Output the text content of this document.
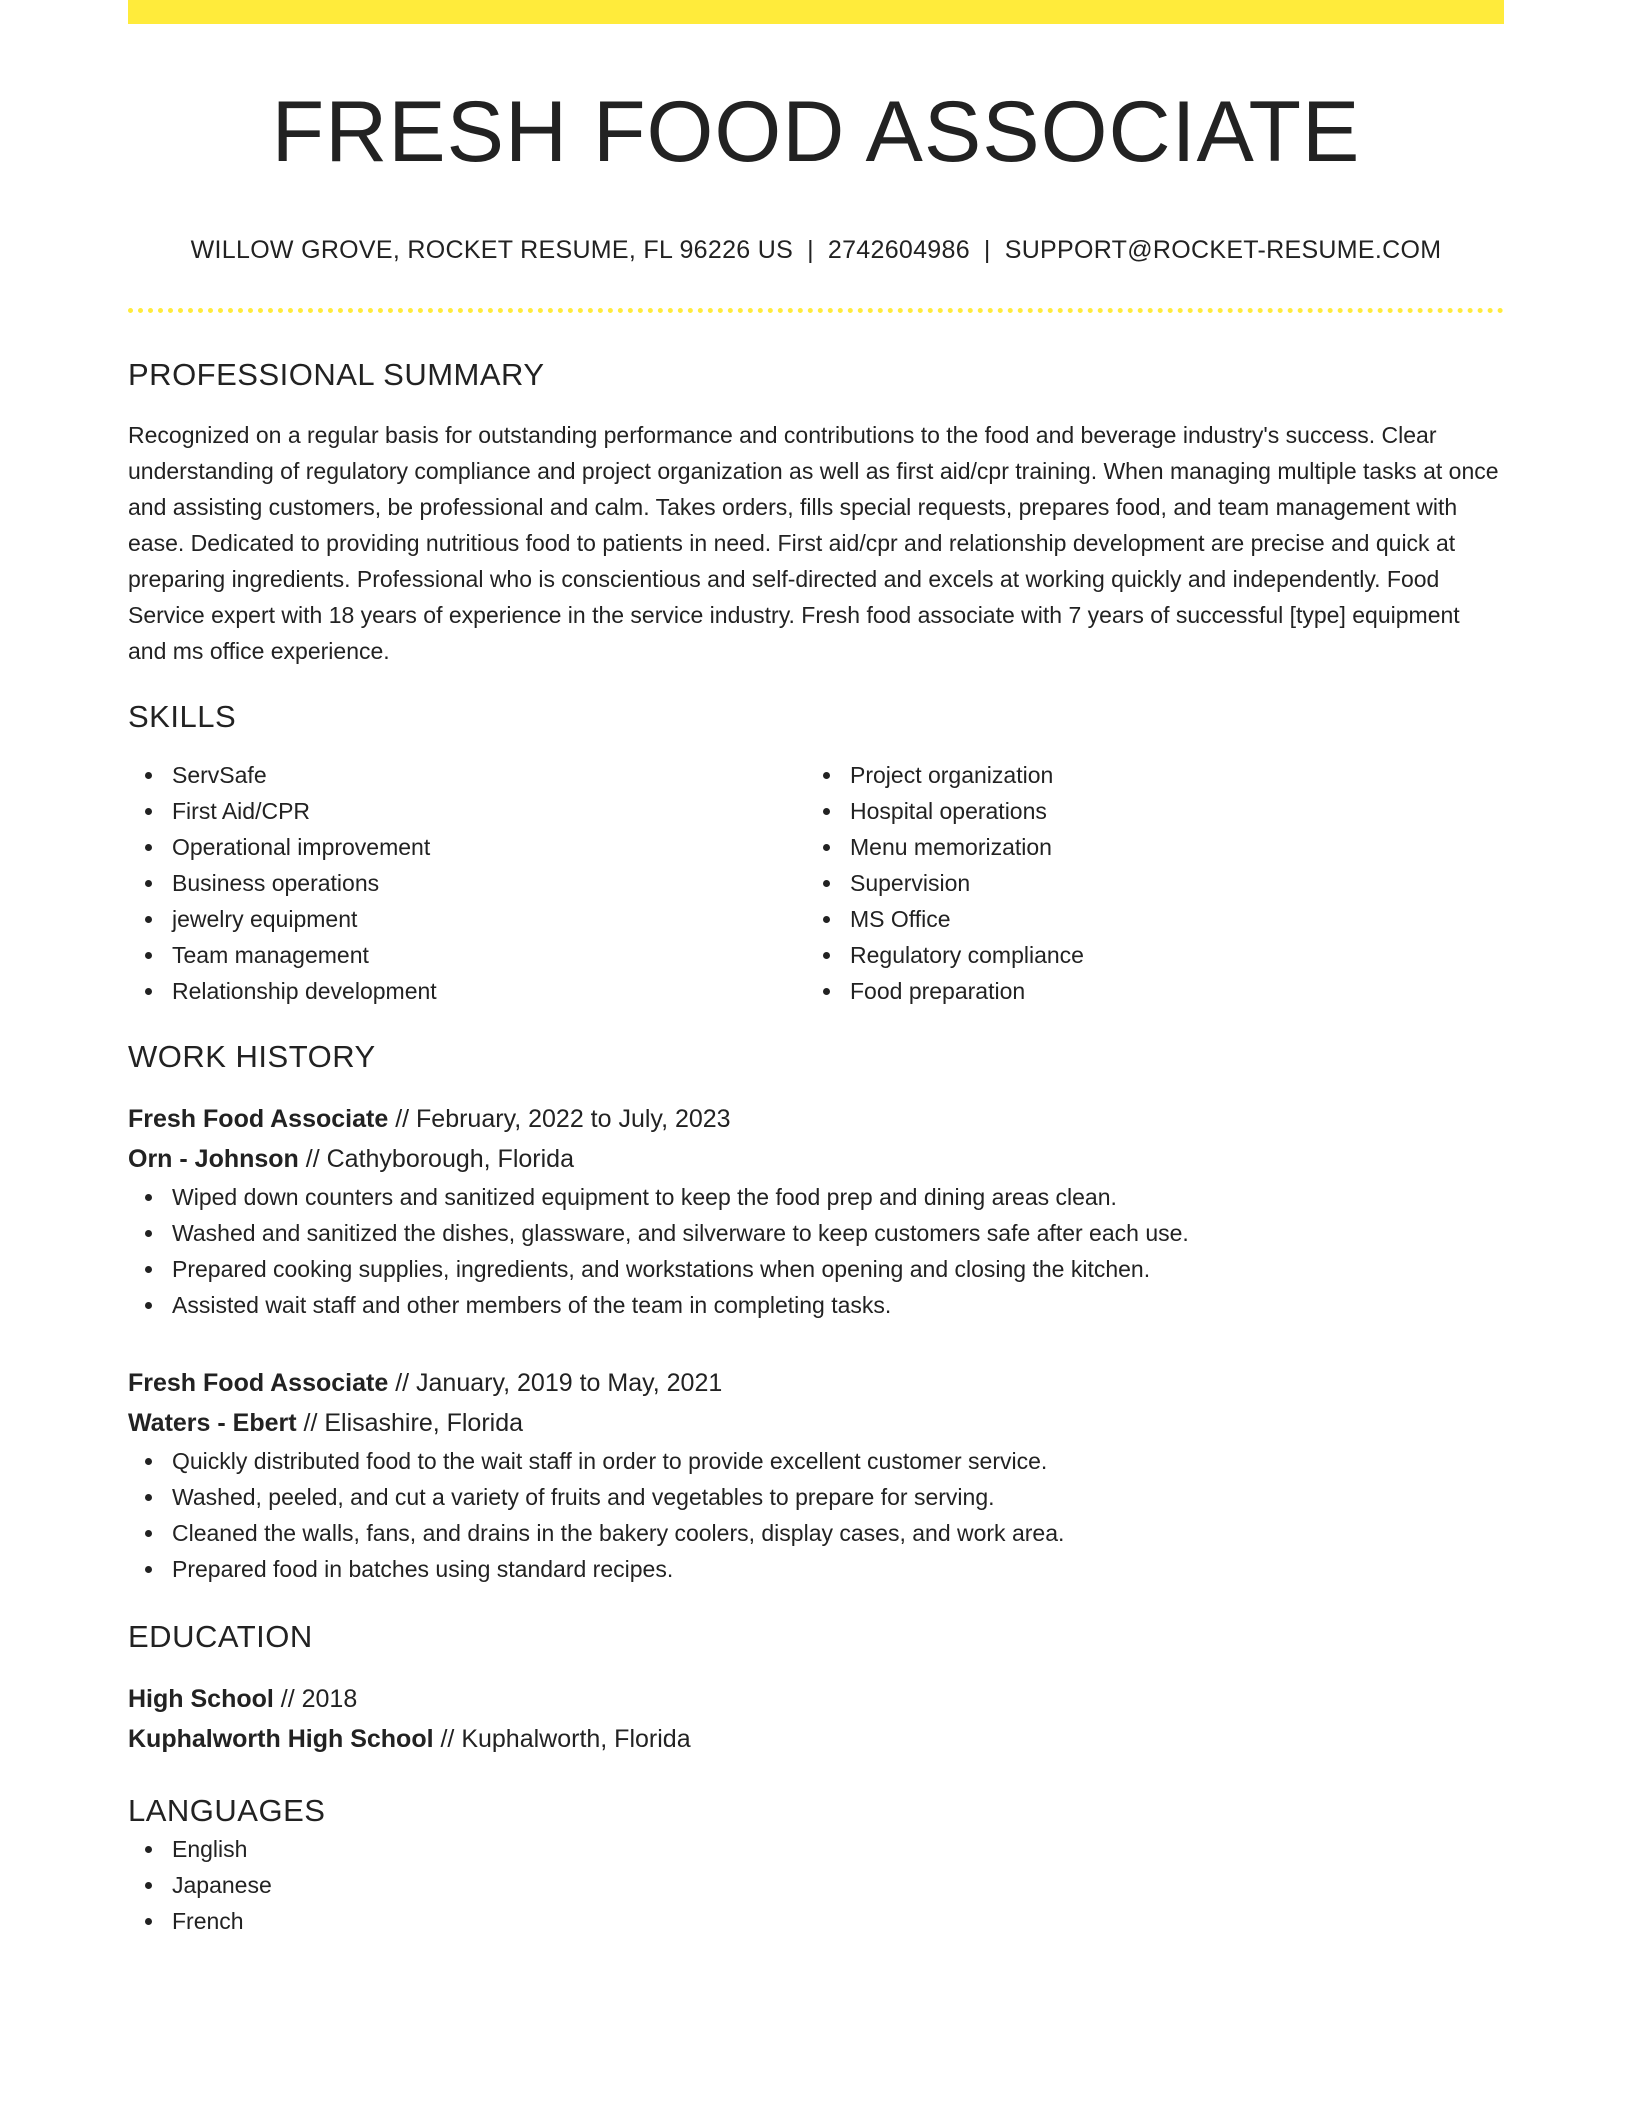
FRESH FOOD ASSOCIATE
WILLOW GROVE, ROCKET RESUME, FL 96226 US | 2742604986 | SUPPORT@ROCKET-RESUME.COM
PROFESSIONAL SUMMARY
Recognized on a regular basis for outstanding performance and contributions to the food and beverage industry's success. Clear understanding of regulatory compliance and project organization as well as first aid/cpr training. When managing multiple tasks at once and assisting customers, be professional and calm. Takes orders, fills special requests, prepares food, and team management with ease. Dedicated to providing nutritious food to patients in need. First aid/cpr and relationship development are precise and quick at preparing ingredients. Professional who is conscientious and self-directed and excels at working quickly and independently. Food Service expert with 18 years of experience in the service industry. Fresh food associate with 7 years of successful [type] equipment and ms office experience.
SKILLS
ServSafe
First Aid/CPR
Operational improvement
Business operations
jewelry equipment
Team management
Relationship development
Project organization
Hospital operations
Menu memorization
Supervision
MS Office
Regulatory compliance
Food preparation
WORK HISTORY
Fresh Food Associate // February, 2022 to July, 2023
Orn - Johnson // Cathyborough, Florida
Wiped down counters and sanitized equipment to keep the food prep and dining areas clean.
Washed and sanitized the dishes, glassware, and silverware to keep customers safe after each use.
Prepared cooking supplies, ingredients, and workstations when opening and closing the kitchen.
Assisted wait staff and other members of the team in completing tasks.
Fresh Food Associate // January, 2019 to May, 2021
Waters - Ebert // Elisashire, Florida
Quickly distributed food to the wait staff in order to provide excellent customer service.
Washed, peeled, and cut a variety of fruits and vegetables to prepare for serving.
Cleaned the walls, fans, and drains in the bakery coolers, display cases, and work area.
Prepared food in batches using standard recipes.
EDUCATION
High School // 2018
Kuphalworth High School // Kuphalworth, Florida
LANGUAGES
English
Japanese
French
